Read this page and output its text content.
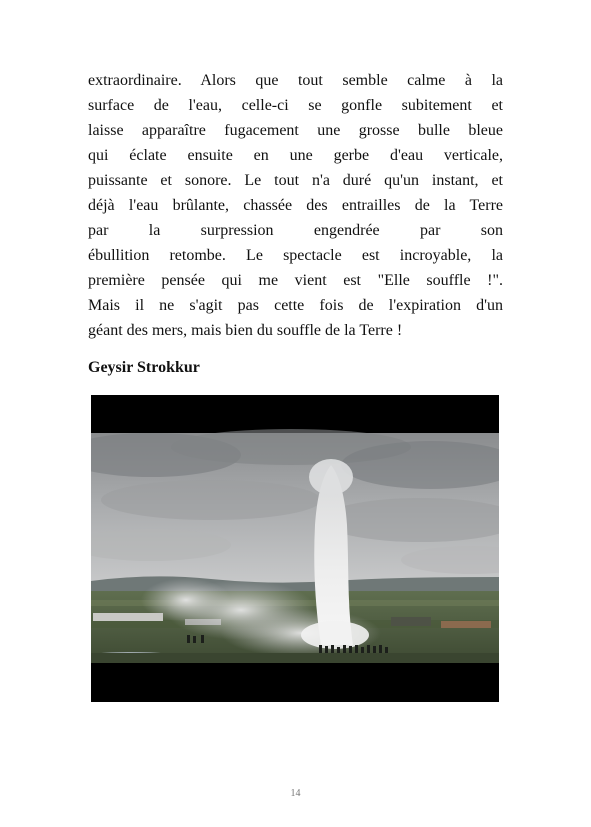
extraordinaire. Alors que tout semble calme à la
surface de l'eau, celle-ci se gonfle subitement et
laisse apparaître fugacement une grosse bulle bleue
qui éclate ensuite en une gerbe d'eau verticale,
puissante et sonore. Le tout n'a duré qu'un instant, et
déjà l'eau brûlante, chassée des entrailles de la Terre
par la surpression engendrée par son
ébullition retombe. Le spectacle est incroyable, la
première pensée qui me vient est "Elle souffle !".
Mais il ne s'agit pas cette fois de l'expiration d'un
géant des mers, mais bien du souffle de la Terre !
Geysir Strokkur
14
